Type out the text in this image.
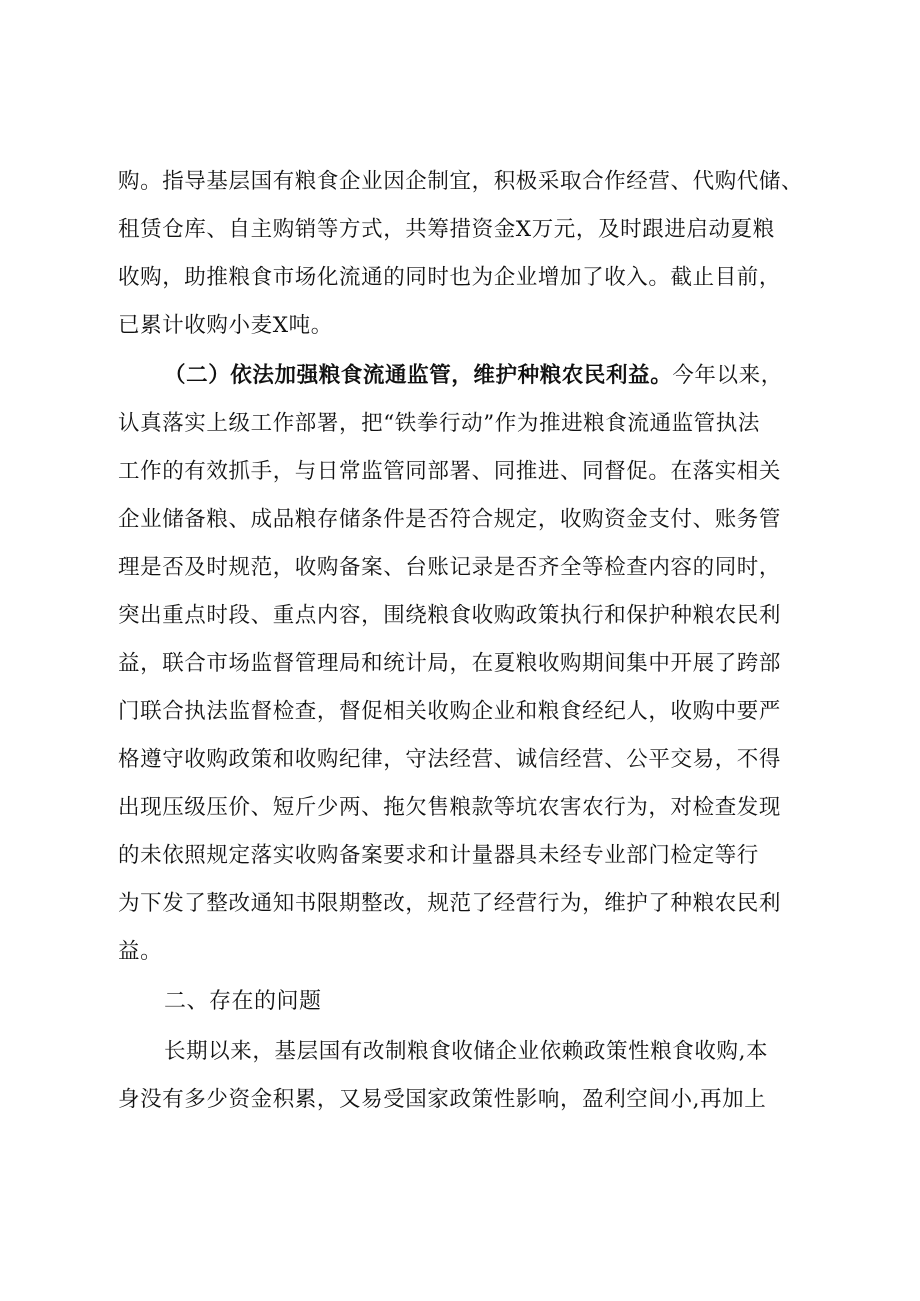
购。指导基层国有粮食企业因企制宜，积极采取合作经营、代购代储、
租赁仓库、自主购销等方式，共筹措资金X万元，及时跟进启动夏粮
收购，助推粮食市场化流通的同时也为企业增加了收入。截止目前，
已累计收购小麦X吨。
（二）依法加强粮食流通监管，维护种粮农民利益。今年以来，
认真落实上级工作部署，把“铁拳行动”作为推进粮食流通监管执法
工作的有效抓手，与日常监管同部署、同推进、同督促。在落实相关
企业储备粮、成品粮存储条件是否符合规定，收购资金支付、账务管
理是否及时规范，收购备案、台账记录是否齐全等检查内容的同时，
突出重点时段、重点内容，围绕粮食收购政策执行和保护种粮农民利
益，联合市场监督管理局和统计局，在夏粮收购期间集中开展了跨部
门联合执法监督检查，督促相关收购企业和粮食经纪人，收购中要严
格遵守收购政策和收购纪律，守法经营、诚信经营、公平交易，不得
出现压级压价、短斤少两、拖欠售粮款等坑农害农行为，对检查发现
的未依照规定落实收购备案要求和计量器具未经专业部门检定等行
为下发了整改通知书限期整改，规范了经营行为，维护了种粮农民利
益。
二、存在的问题
长期以来，基层国有改制粮食收储企业依赖政策性粮食收购,本
身没有多少资金积累，又易受国家政策性影响，盈利空间小,再加上
